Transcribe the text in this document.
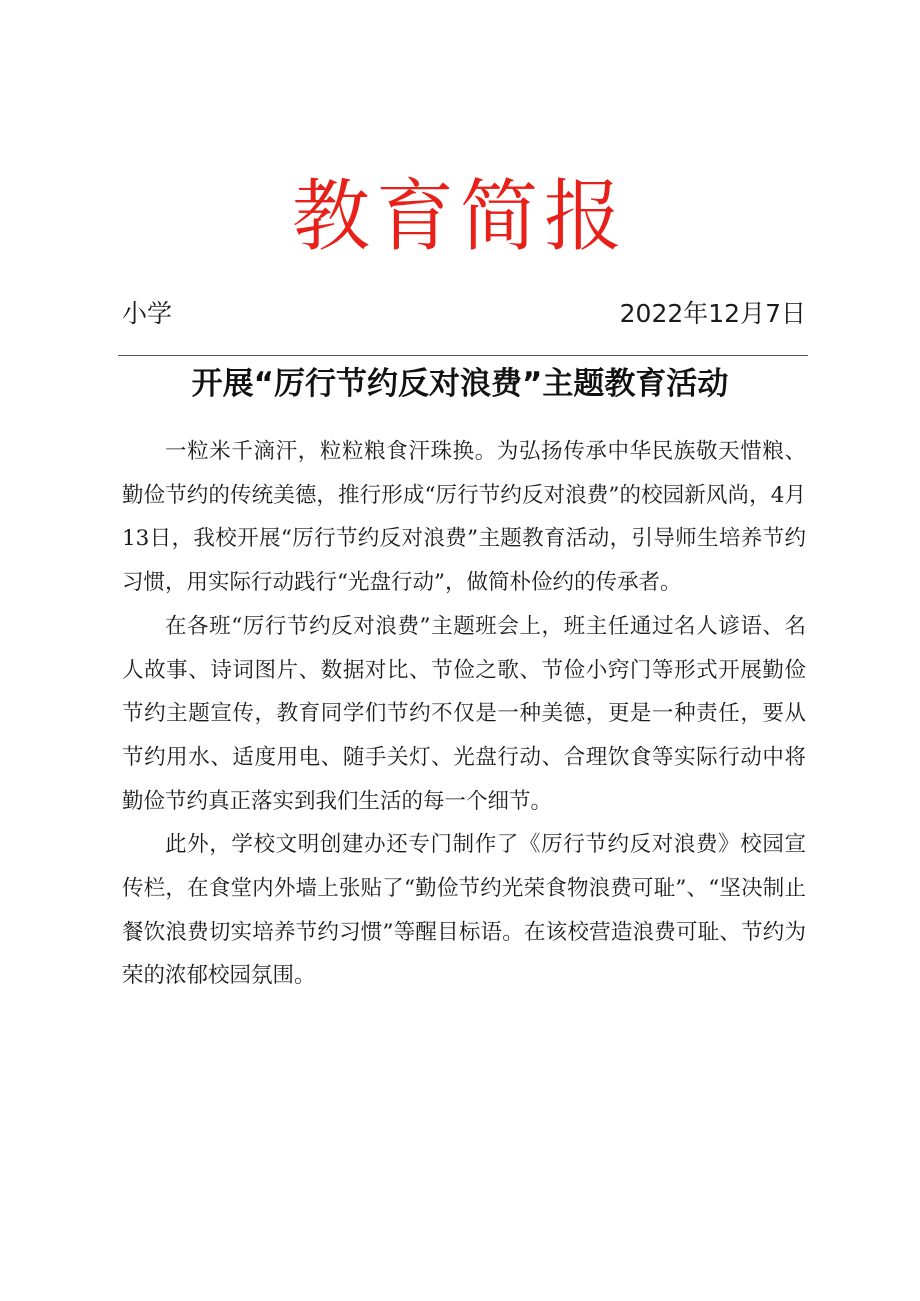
教育简报
小学	2022年12月7日
开展“厉行节约反对浪费”主题教育活动

一粒米千滴汗，粒粒粮食汗珠换。为弘扬传承中华民族敬天惜粮、勤俭节约的传统美德，推行形成“厉行节约反对浪费”的校园新风尚，4月13日，我校开展“厉行节约反对浪费”主题教育活动，引导师生培养节约习惯，用实际行动践行“光盘行动”，做简朴俭约的传承者。

在各班“厉行节约反对浪费”主题班会上，班主任通过名人谚语、名人故事、诗词图片、数据对比、节俭之歌、节俭小窍门等形式开展勤俭节约主题宣传，教育同学们节约不仅是一种美德，更是一种责任，要从节约用水、适度用电、随手关灯、光盘行动、合理饮食等实际行动中将勤俭节约真正落实到我们生活的每一个细节。

此外，学校文明创建办还专门制作了《厉行节约反对浪费》校园宣传栏，在食堂内外墙上张贴了“勤俭节约光荣食物浪费可耻”、“坚决制止餐饮浪费切实培养节约习惯”等醒目标语。在该校营造浪费可耻、节约为荣的浓郁校园氛围。
